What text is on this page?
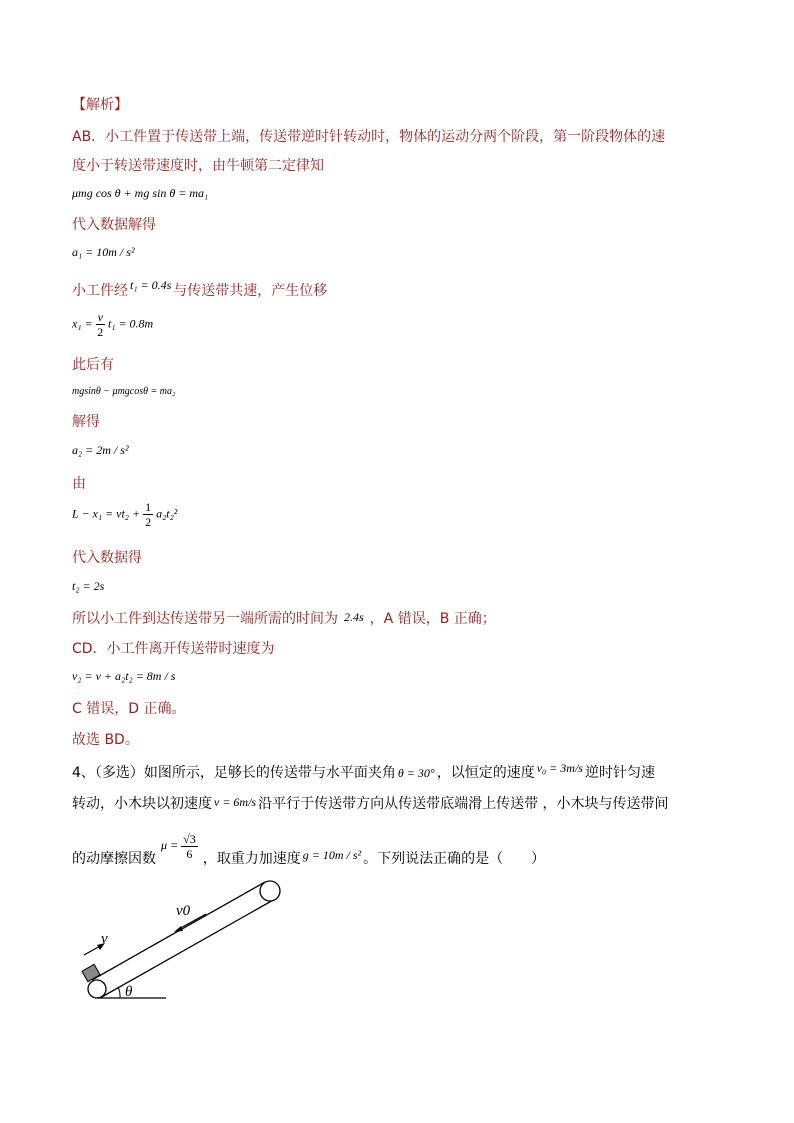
【解析】
AB．小工件置于传送带上端，传送带逆时针转动时，物体的运动分两个阶段，第一阶段物体的速
度小于转送带速度时，由牛顿第二定律知
μmg cos θ + mg sin θ = ma₁
代入数据解得
a₁ = 10m / s²
小工件经 t₁ = 0.4s 与传送带共速，产生位移
$x_1 = \frac{v}{2} t_1 = 0.8m$
此后有
mgsinθ − μmgcosθ = ma₂
解得
a₂ = 2m / s²
由
$L - x_1 = vt_2 + \frac{1}{2} a_2t_2^2$
代入数据得
t₂ = 2s
所以小工件到达传送带另一端所需的时间为 2.4s ，A 错误，B 正确；
CD．小工件离开传送带时速度为
v₂ = v + a₂t₂ = 8m / s
C 错误，D 正确。
故选 BD。
4、（多选）如图所示，足够长的传送带与水平面夹角 θ = 30° ，以恒定的速度 v₀ = 3m/s 逆时针匀速
转动，小木块以初速度 v = 6m/s 沿平行于传送带方向从传送带底端滑上传送带 ，小木块与传送带间
的动摩擦因数 $\mu = \frac{√3}{6}$ ，取重力加速度 g = 10m / s² 。下列说法正确的是（　　）
θ
v
v0
